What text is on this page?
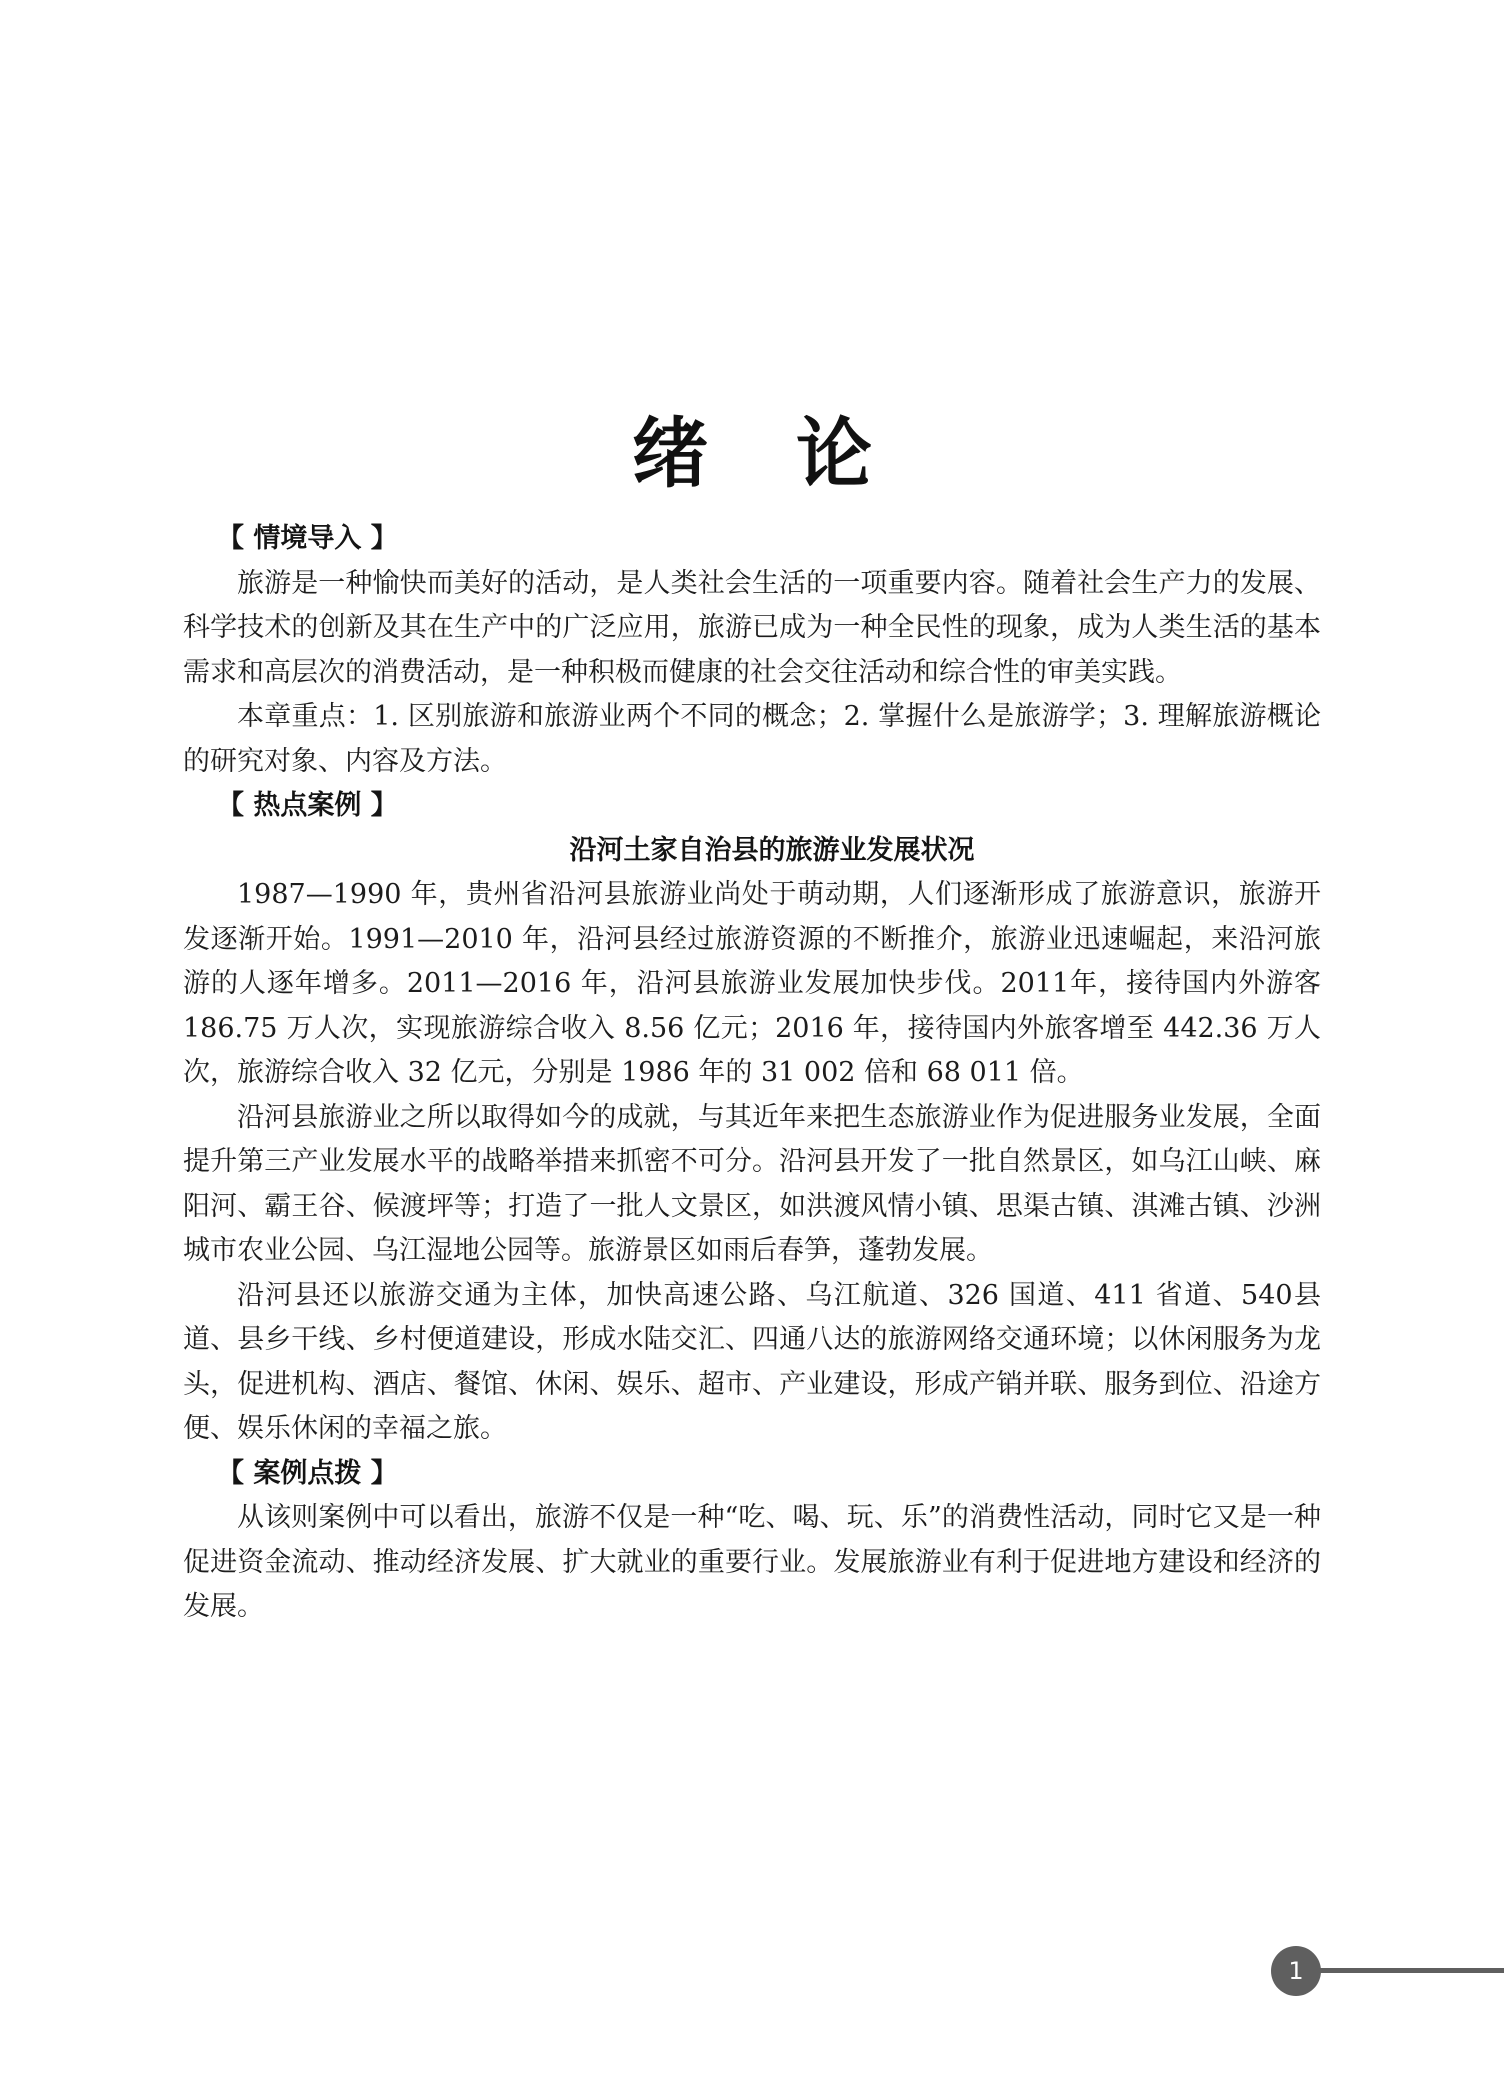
绪论
【 情境导入 】

旅游是一种愉快而美好的活动，是人类社会生活的一项重要内容。随着社会生产力的发展、科学技术的创新及其在生产中的广泛应用，旅游已成为一种全民性的现象，成为人类生活的基本需求和高层次的消费活动，是一种积极而健康的社会交往活动和综合性的审美实践。

本章重点：1. 区别旅游和旅游业两个不同的概念；2. 掌握什么是旅游学；3. 理解旅游概论的研究对象、内容及方法。

【 热点案例 】
沿河土家自治县的旅游业发展状况

1987—1990 年，贵州省沿河县旅游业尚处于萌动期，人们逐渐形成了旅游意识，旅游开发逐渐开始。1991—2010 年，沿河县经过旅游资源的不断推介，旅游业迅速崛起，来沿河旅游的人逐年增多。2011—2016 年，沿河县旅游业发展加快步伐。2011年，接待国内外游客 186.75 万人次，实现旅游综合收入 8.56 亿元；2016 年，接待国内外旅客增至 442.36 万人次，旅游综合收入 32 亿元，分别是 1986 年的 31 002 倍和 68 011 倍。

沿河县旅游业之所以取得如今的成就，与其近年来把生态旅游业作为促进服务业发展，全面提升第三产业发展水平的战略举措来抓密不可分。沿河县开发了一批自然景区，如乌江山峡、麻阳河、霸王谷、候渡坪等；打造了一批人文景区，如洪渡风情小镇、思渠古镇、淇滩古镇、沙洲城市农业公园、乌江湿地公园等。旅游景区如雨后春笋，蓬勃发展。

沿河县还以旅游交通为主体，加快高速公路、乌江航道、326 国道、411 省道、540县道、县乡干线、乡村便道建设，形成水陆交汇、四通八达的旅游网络交通环境；以休闲服务为龙头，促进机构、酒店、餐馆、休闲、娱乐、超市、产业建设，形成产销并联、服务到位、沿途方便、娱乐休闲的幸福之旅。

【 案例点拨 】

从该则案例中可以看出，旅游不仅是一种“吃、喝、玩、乐”的消费性活动，同时它又是一种促进资金流动、推动经济发展、扩大就业的重要行业。发展旅游业有利于促进地方建设和经济的发展。

1
